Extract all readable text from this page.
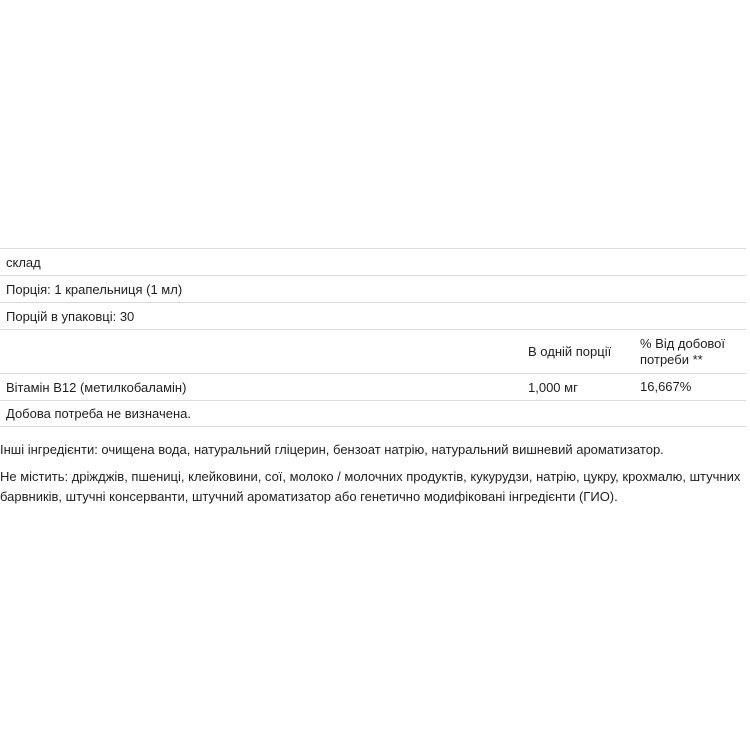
склад
Порція: 1 крапельниця (1 мл)
Порцій в упаковці: 30
В одній порції
% Від добової потреби **
Вітамін B12 (метилкобаламін)	1,000 мг	16,667%
Добова потреба не визначена.
Інші інгредієнти: очищена вода, натуральний гліцерин, бензоат натрію, натуральний вишневий ароматизатор.
Не містить: дріжджів, пшениці, клейковини, сої, молоко / молочних продуктів, кукурудзи, натрію, цукру, крохмалю, штучних барвників, штучні консерванти, штучний ароматизатор або генетично модифіковані інгредієнти (ГИО).
